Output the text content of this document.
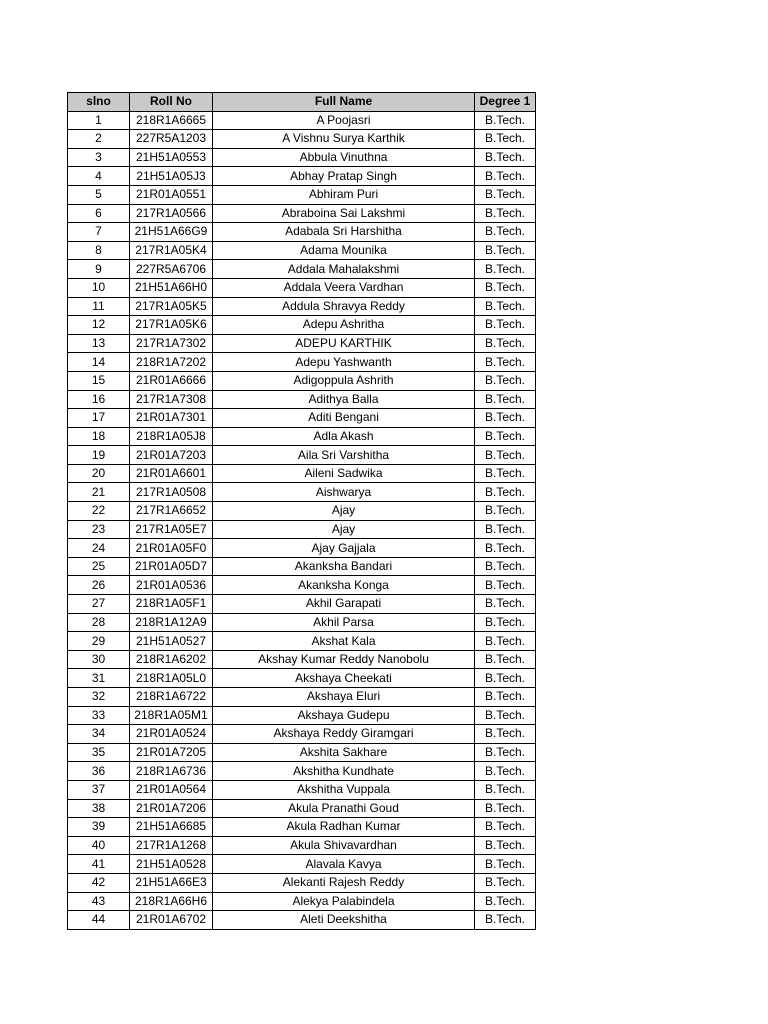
slno	Roll No	Full Name	Degree 1
1	218R1A6665	A Poojasri	B.Tech.
2	227R5A1203	A Vishnu Surya Karthik	B.Tech.
3	21H51A0553	Abbula Vinuthna	B.Tech.
4	21H51A05J3	Abhay Pratap Singh	B.Tech.
5	21R01A0551	Abhiram Puri	B.Tech.
6	217R1A0566	Abraboina Sai Lakshmi	B.Tech.
7	21H51A66G9	Adabala Sri Harshitha	B.Tech.
8	217R1A05K4	Adama Mounika	B.Tech.
9	227R5A6706	Addala Mahalakshmi	B.Tech.
10	21H51A66H0	Addala Veera Vardhan	B.Tech.
11	217R1A05K5	Addula Shravya Reddy	B.Tech.
12	217R1A05K6	Adepu Ashritha	B.Tech.
13	217R1A7302	ADEPU KARTHIK	B.Tech.
14	218R1A7202	Adepu Yashwanth	B.Tech.
15	21R01A6666	Adigoppula Ashrith	B.Tech.
16	217R1A7308	Adithya Balla	B.Tech.
17	21R01A7301	Aditi Bengani	B.Tech.
18	218R1A05J8	Adla Akash	B.Tech.
19	21R01A7203	Aila Sri Varshitha	B.Tech.
20	21R01A6601	Aileni Sadwika	B.Tech.
21	217R1A0508	Aishwarya	B.Tech.
22	217R1A6652	Ajay	B.Tech.
23	217R1A05E7	Ajay	B.Tech.
24	21R01A05F0	Ajay Gajjala	B.Tech.
25	21R01A05D7	Akanksha Bandari	B.Tech.
26	21R01A0536	Akanksha Konga	B.Tech.
27	218R1A05F1	Akhil Garapati	B.Tech.
28	218R1A12A9	Akhil Parsa	B.Tech.
29	21H51A0527	Akshat Kala	B.Tech.
30	218R1A6202	Akshay Kumar Reddy Nanobolu	B.Tech.
31	218R1A05L0	Akshaya Cheekati	B.Tech.
32	218R1A6722	Akshaya Eluri	B.Tech.
33	218R1A05M1	Akshaya Gudepu	B.Tech.
34	21R01A0524	Akshaya Reddy Giramgari	B.Tech.
35	21R01A7205	Akshita Sakhare	B.Tech.
36	218R1A6736	Akshitha Kundhate	B.Tech.
37	21R01A0564	Akshitha Vuppala	B.Tech.
38	21R01A7206	Akula Pranathi Goud	B.Tech.
39	21H51A6685	Akula Radhan Kumar	B.Tech.
40	217R1A1268	Akula Shivavardhan	B.Tech.
41	21H51A0528	Alavala Kavya	B.Tech.
42	21H51A66E3	Alekanti Rajesh Reddy	B.Tech.
43	218R1A66H6	Alekya Palabindela	B.Tech.
44	21R01A6702	Aleti Deekshitha	B.Tech.
